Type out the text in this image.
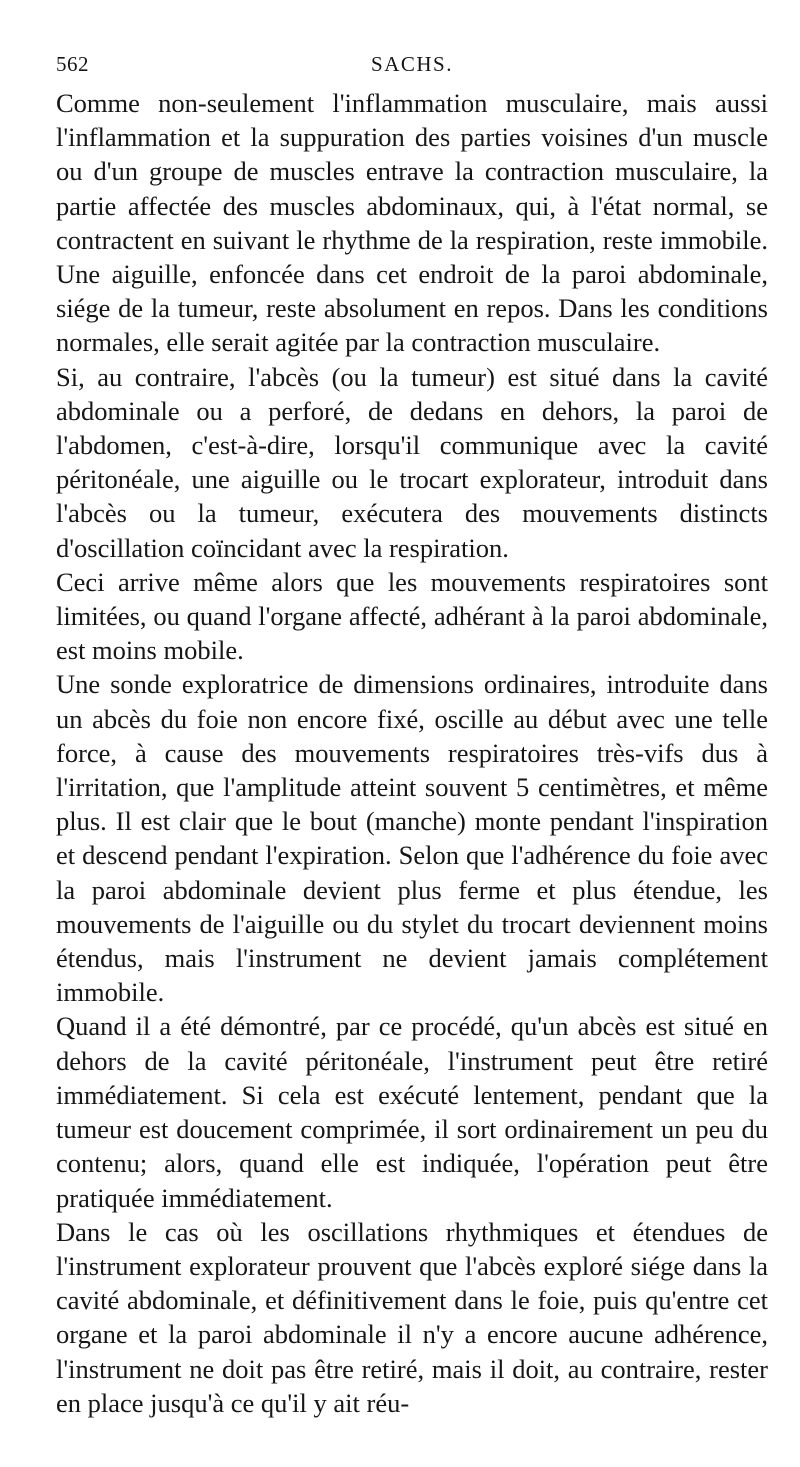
562	SACHS.

Comme non-seulement l'inflammation musculaire, mais aussi l'inflammation et la suppuration des parties voisines d'un muscle ou d'un groupe de muscles entrave la contraction musculaire, la partie affectée des muscles abdominaux, qui, à l'état normal, se contractent en suivant le rhythme de la respiration, reste immobile. Une aiguille, enfoncée dans cet endroit de la paroi abdominale, siége de la tumeur, reste absolument en repos. Dans les conditions normales, elle serait agitée par la contraction musculaire.

Si, au contraire, l'abcès (ou la tumeur) est situé dans la cavité abdominale ou a perforé, de dedans en dehors, la paroi de l'abdomen, c'est-à-dire, lorsqu'il communique avec la cavité péritonéale, une aiguille ou le trocart explorateur, introduit dans l'abcès ou la tumeur, exécutera des mouvements distincts d'oscillation coïncidant avec la respiration.

Ceci arrive même alors que les mouvements respiratoires sont limitées, ou quand l'organe affecté, adhérant à la paroi abdominale, est moins mobile.

Une sonde exploratrice de dimensions ordinaires, introduite dans un abcès du foie non encore fixé, oscille au début avec une telle force, à cause des mouvements respiratoires très-vifs dus à l'irritation, que l'amplitude atteint souvent 5 centimètres, et même plus. Il est clair que le bout (manche) monte pendant l'inspiration et descend pendant l'expiration. Selon que l'adhérence du foie avec la paroi abdominale devient plus ferme et plus étendue, les mouvements de l'aiguille ou du stylet du trocart deviennent moins étendus, mais l'instrument ne devient jamais complétement immobile.

Quand il a été démontré, par ce procédé, qu'un abcès est situé en dehors de la cavité péritonéale, l'instrument peut être retiré immédiatement. Si cela est exécuté lentement, pendant que la tumeur est doucement comprimée, il sort ordinairement un peu du contenu; alors, quand elle est indiquée, l'opération peut être pratiquée immédiatement.

Dans le cas où les oscillations rhythmiques et étendues de l'instrument explorateur prouvent que l'abcès exploré siége dans la cavité abdominale, et définitivement dans le foie, puis qu'entre cet organe et la paroi abdominale il n'y a encore aucune adhérence, l'instrument ne doit pas être retiré, mais il doit, au contraire, rester en place jusqu'à ce qu'il y ait réu-
